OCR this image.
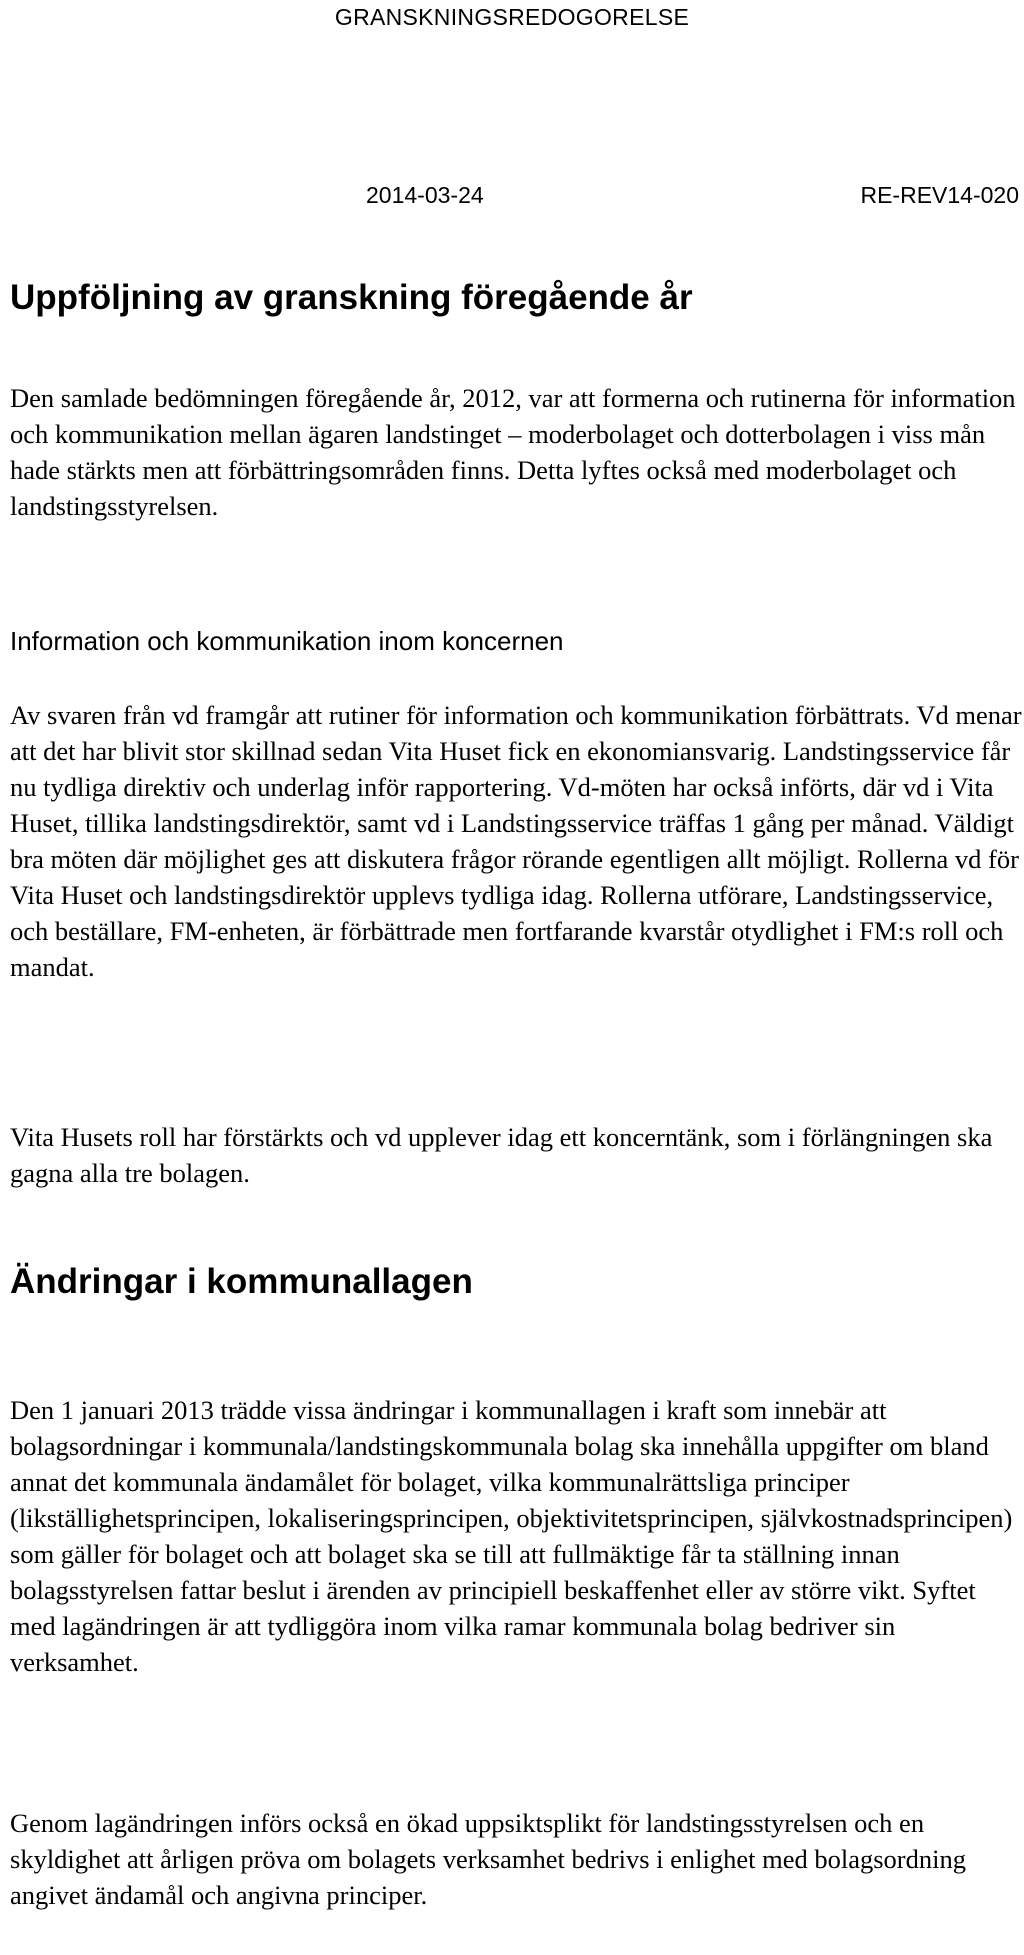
GRANSKNINGSREDOGORELSE
2014-03-24	RE-REV14-020
Uppföljning av granskning föregående år

Den samlade bedömningen föregående år, 2012, var att formerna och rutinerna för information och kommunikation mellan ägaren landstinget – moderbolaget och dotterbolagen i viss mån hade stärkts men att förbättringsområden finns. Detta lyftes också med moderbolaget och landstingsstyrelsen.

Information och kommunikation inom koncernen

Av svaren från vd framgår att rutiner för information och kommunikation förbättrats. Vd menar att det har blivit stor skillnad sedan Vita Huset fick en ekonomiansvarig. Landstingsservice får nu tydliga direktiv och underlag inför rapportering. Vd-möten har också införts, där vd i Vita Huset, tillika landstingsdirektör, samt vd i Landstingsservice träffas 1 gång per månad. Väldigt bra möten där möjlighet ges att diskutera frågor rörande egentligen allt möjligt. Rollerna vd för Vita Huset och landstingsdirektör upplevs tydliga idag. Rollerna utförare, Landstingsservice, och beställare, FM-enheten, är förbättrade men fortfarande kvarstår otydlighet i FM:s roll och mandat.

Vita Husets roll har förstärkts och vd upplever idag ett koncerntänk, som i förlängningen ska gagna alla tre bolagen.

Ändringar i kommunallagen

Den 1 januari 2013 trädde vissa ändringar i kommunallagen i kraft som innebär att bolagsordningar i kommunala/landstingskommunala bolag ska innehålla uppgifter om bland annat det kommunala ändamålet för bolaget, vilka kommunalrättsliga principer (likställighetsprincipen, lokaliseringsprincipen, objektivitetsprincipen, självkostnadsprincipen) som gäller för bolaget och att bolaget ska se till att fullmäktige får ta ställning innan bolagsstyrelsen fattar beslut i ärenden av principiell beskaffenhet eller av större vikt. Syftet med lagändringen är att tydliggöra inom vilka ramar kommunala bolag bedriver sin verksamhet.

Genom lagändringen införs också en ökad uppsiktsplikt för landstingsstyrelsen och en skyldighet att årligen pröva om bolagets verksamhet bedrivs i enlighet med bolagsordning angivet ändamål och angivna principer.
